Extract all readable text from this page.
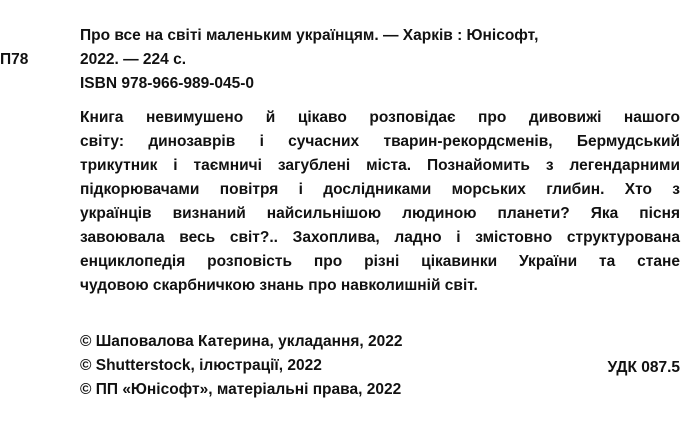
П78
Про все на світі маленьким українцям. — Харків : Юнісофт,
2022. — 224 с.
ISBN 978-966-989-045-0
Книга невимушено й цікаво розповідає про дивовижі нашого
світу: динозаврів і сучасних тварин-рекордсменів, Бермудський
трикутник і таємничі загублені міста. Познайомить з легендарними
підкорювачами повітря і дослідниками морських глибин. Хто з
українців визнаний найсильнішою людиною планети? Яка пісня
завоювала весь світ?.. Захоплива, ладно і змістовно структурована
енциклопедія розповість про різні цікавинки України та стане
чудовою скарбничкою знань про навколишній світ.
© Шаповалова Катерина, укладання, 2022
© Shutterstock, ілюстрації, 2022
© ПП «Юнісофт», матеріальні права, 2022
УДК 087.5
